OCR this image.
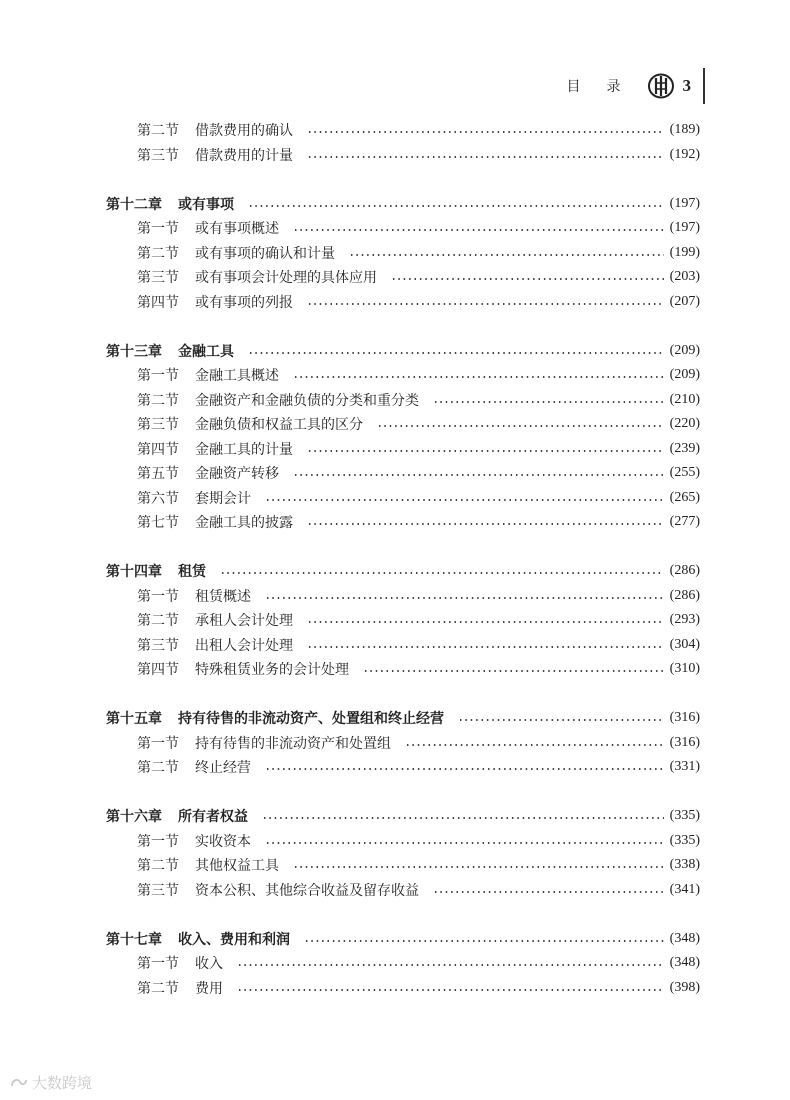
目录 3
第二节 借款费用的确认	(189)
第三节 借款费用的计量	(192)
第十二章 或有事项	(197)
第一节 或有事项概述	(197)
第二节 或有事项的确认和计量	(199)
第三节 或有事项会计处理的具体应用	(203)
第四节 或有事项的列报	(207)
第十三章 金融工具	(209)
第一节 金融工具概述	(209)
第二节 金融资产和金融负债的分类和重分类	(210)
第三节 金融负债和权益工具的区分	(220)
第四节 金融工具的计量	(239)
第五节 金融资产转移	(255)
第六节 套期会计	(265)
第七节 金融工具的披露	(277)
第十四章 租赁	(286)
第一节 租赁概述	(286)
第二节 承租人会计处理	(293)
第三节 出租人会计处理	(304)
第四节 特殊租赁业务的会计处理	(310)
第十五章 持有待售的非流动资产、处置组和终止经营	(316)
第一节 持有待售的非流动资产和处置组	(316)
第二节 终止经营	(331)
第十六章 所有者权益	(335)
第一节 实收资本	(335)
第二节 其他权益工具	(338)
第三节 资本公积、其他综合收益及留存收益	(341)
第十七章 收入、费用和利润	(348)
第一节 收入	(348)
第二节 费用	(398)
大数跨境
